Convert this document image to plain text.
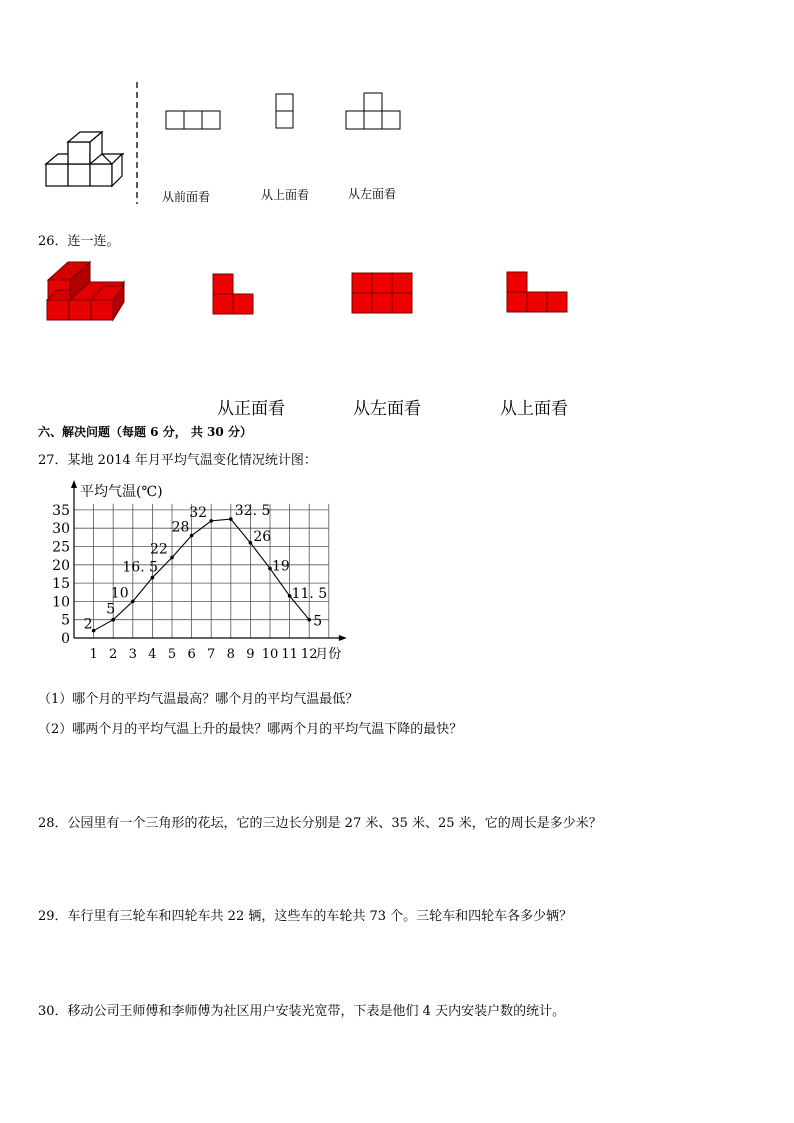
从前面看	从上面看	从左面看
26．连一连。
从正面看	从左面看	从上面看
六、解决问题（每题 6 分， 共 30 分）
27．某地 2014 年月平均气温变化情况统计图：
0
5
10
15
20
25
30
35
1 2 3 4 5 6 7 8 9 10 11 12
平均气温(℃)
月份
2
5
10
16. 5
22
28
32 32. 5
26
19
11. 5
5
（1）哪个月的平均气温最高？哪个月的平均气温最低？
（2）哪两个月的平均气温上升的最快？哪两个月的平均气温下降的最快？
28．公园里有一个三角形的花坛，它的三边长分别是 27 米、35 米、25 米，它的周长是多少米？
29．车行里有三轮车和四轮车共 22 辆，这些车的车轮共 73 个。三轮车和四轮车各多少辆？
30．移动公司王师傅和李师傅为社区用户安装光宽带，下表是他们 4 天内安装户数的统计。
